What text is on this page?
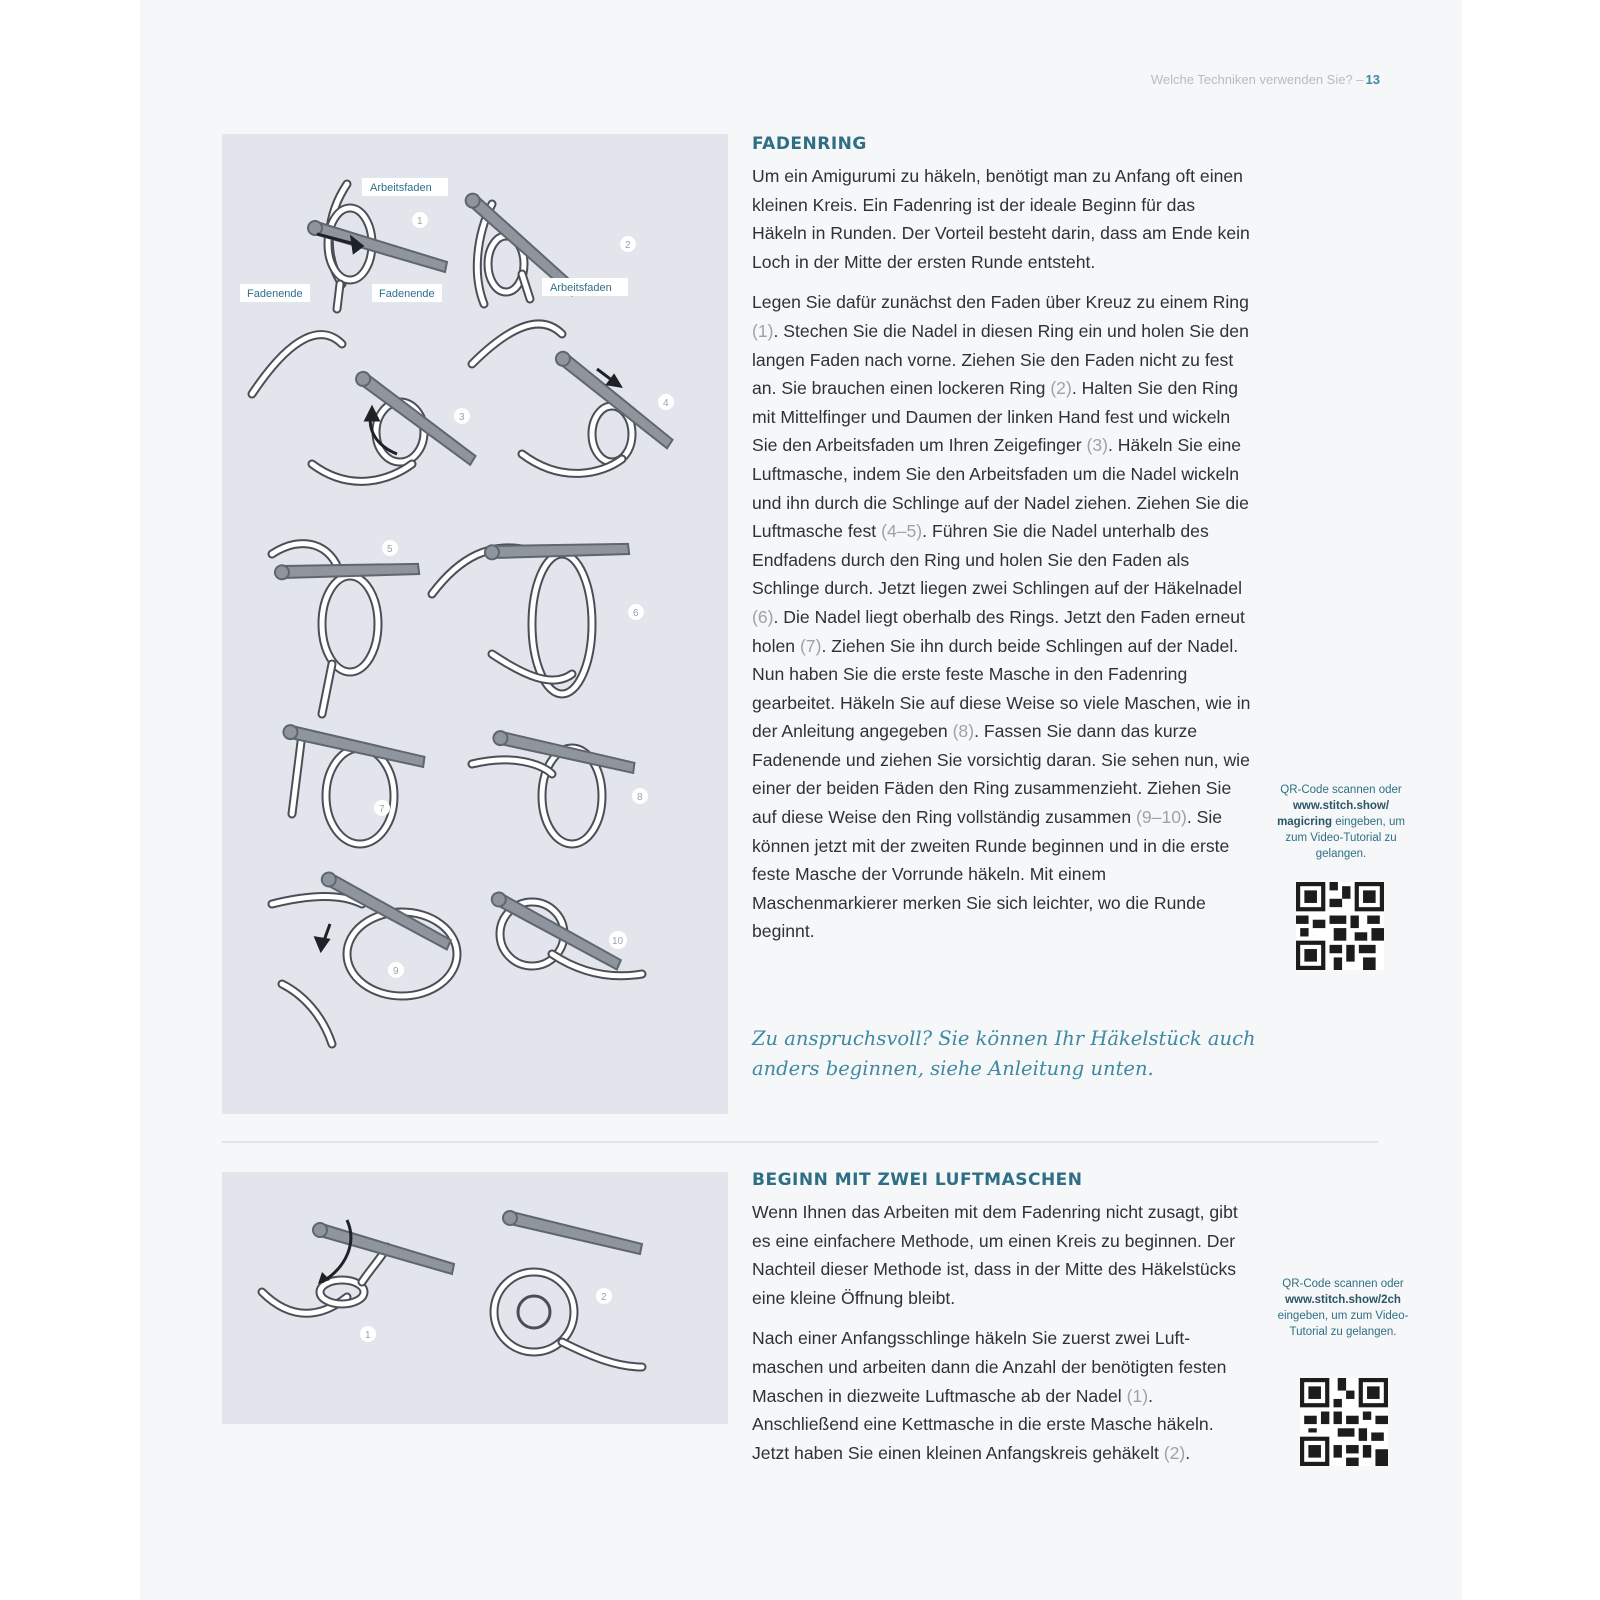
Welche Techniken verwenden Sie? – 13
Arbeitsfaden
Fadenende	Fadenende	Arbeitsfaden
1
2
3
4
5
6
7
8
9
10
FADENRING

Um ein Amigurumi zu häkeln, benötigt man zu Anfang oft einen kleinen Kreis. Ein Fadenring ist der ideale Beginn für das Häkeln in Runden. Der Vorteil besteht darin, dass am Ende kein Loch in der Mitte der ersten Runde entsteht.

Legen Sie dafür zunächst den Faden über Kreuz zu einem Ring (1). Stechen Sie die Nadel in diesen Ring ein und holen Sie den langen Faden nach vorne. Ziehen Sie den Faden nicht zu fest an. Sie brauchen einen lockeren Ring (2). Halten Sie den Ring mit Mittelfinger und Daumen der linken Hand fest und wickeln Sie den Arbeitsfaden um Ihren Zeigefinger (3). Häkeln Sie eine Luftmasche, indem Sie den Arbeitsfaden um die Nadel wickeln und ihn durch die Schlinge auf der Nadel ziehen. Ziehen Sie die Luftmasche fest (4–5). Führen Sie die Nadel unterhalb des Endfadens durch den Ring und holen Sie den Faden als Schlinge durch. Jetzt liegen zwei Schlingen auf der Häkelnadel (6). Die Nadel liegt oberhalb des Rings. Jetzt den Faden erneut holen (7). Ziehen Sie ihn durch beide Schlingen auf der Nadel. Nun haben Sie die erste feste Masche in den Fadenring gearbeitet. Häkeln Sie auf diese Weise so viele Maschen, wie in der Anleitung angegeben (8). Fassen Sie dann das kurze Fadenende und ziehen Sie vorsichtig daran. Sie sehen nun, wie einer der beiden Fäden den Ring zusammenzieht. Ziehen Sie auf diese Weise den Ring vollständig zusammen (9–10). Sie können jetzt mit der zweiten Runde beginnen und in die erste feste Masche der Vorrunde häkeln. Mit einem Maschenmarkierer merken Sie sich leichter, wo die Runde beginnt.

Zu anspruchsvoll? Sie können Ihr Häkelstück auch
anders beginnen, siehe Anleitung unten.
QR-Code scannen oder www.stitch.show/ magicring eingeben, um zum Video-Tutorial zu gelangen.
1
2
BEGINN MIT ZWEI LUFTMASCHEN

Wenn Ihnen das Arbeiten mit dem Fadenring nicht zusagt, gibt es eine einfachere Methode, um einen Kreis zu beginnen. Der Nachteil dieser Methode ist, dass in der Mitte des Häkelstücks eine kleine Öffnung bleibt.

Nach einer Anfangsschlinge häkeln Sie zuerst zwei Luftmaschen und arbeiten dann die Anzahl der benötigten festen Maschen in diezweite Luftmasche ab der Nadel (1). Anschließend eine Kettmasche in die erste Masche häkeln. Jetzt haben Sie einen kleinen Anfangskreis gehäkelt (2).

QR-Code scannen oder www.stitch.show/2ch eingeben, um zum Video-Tutorial zu gelangen.
